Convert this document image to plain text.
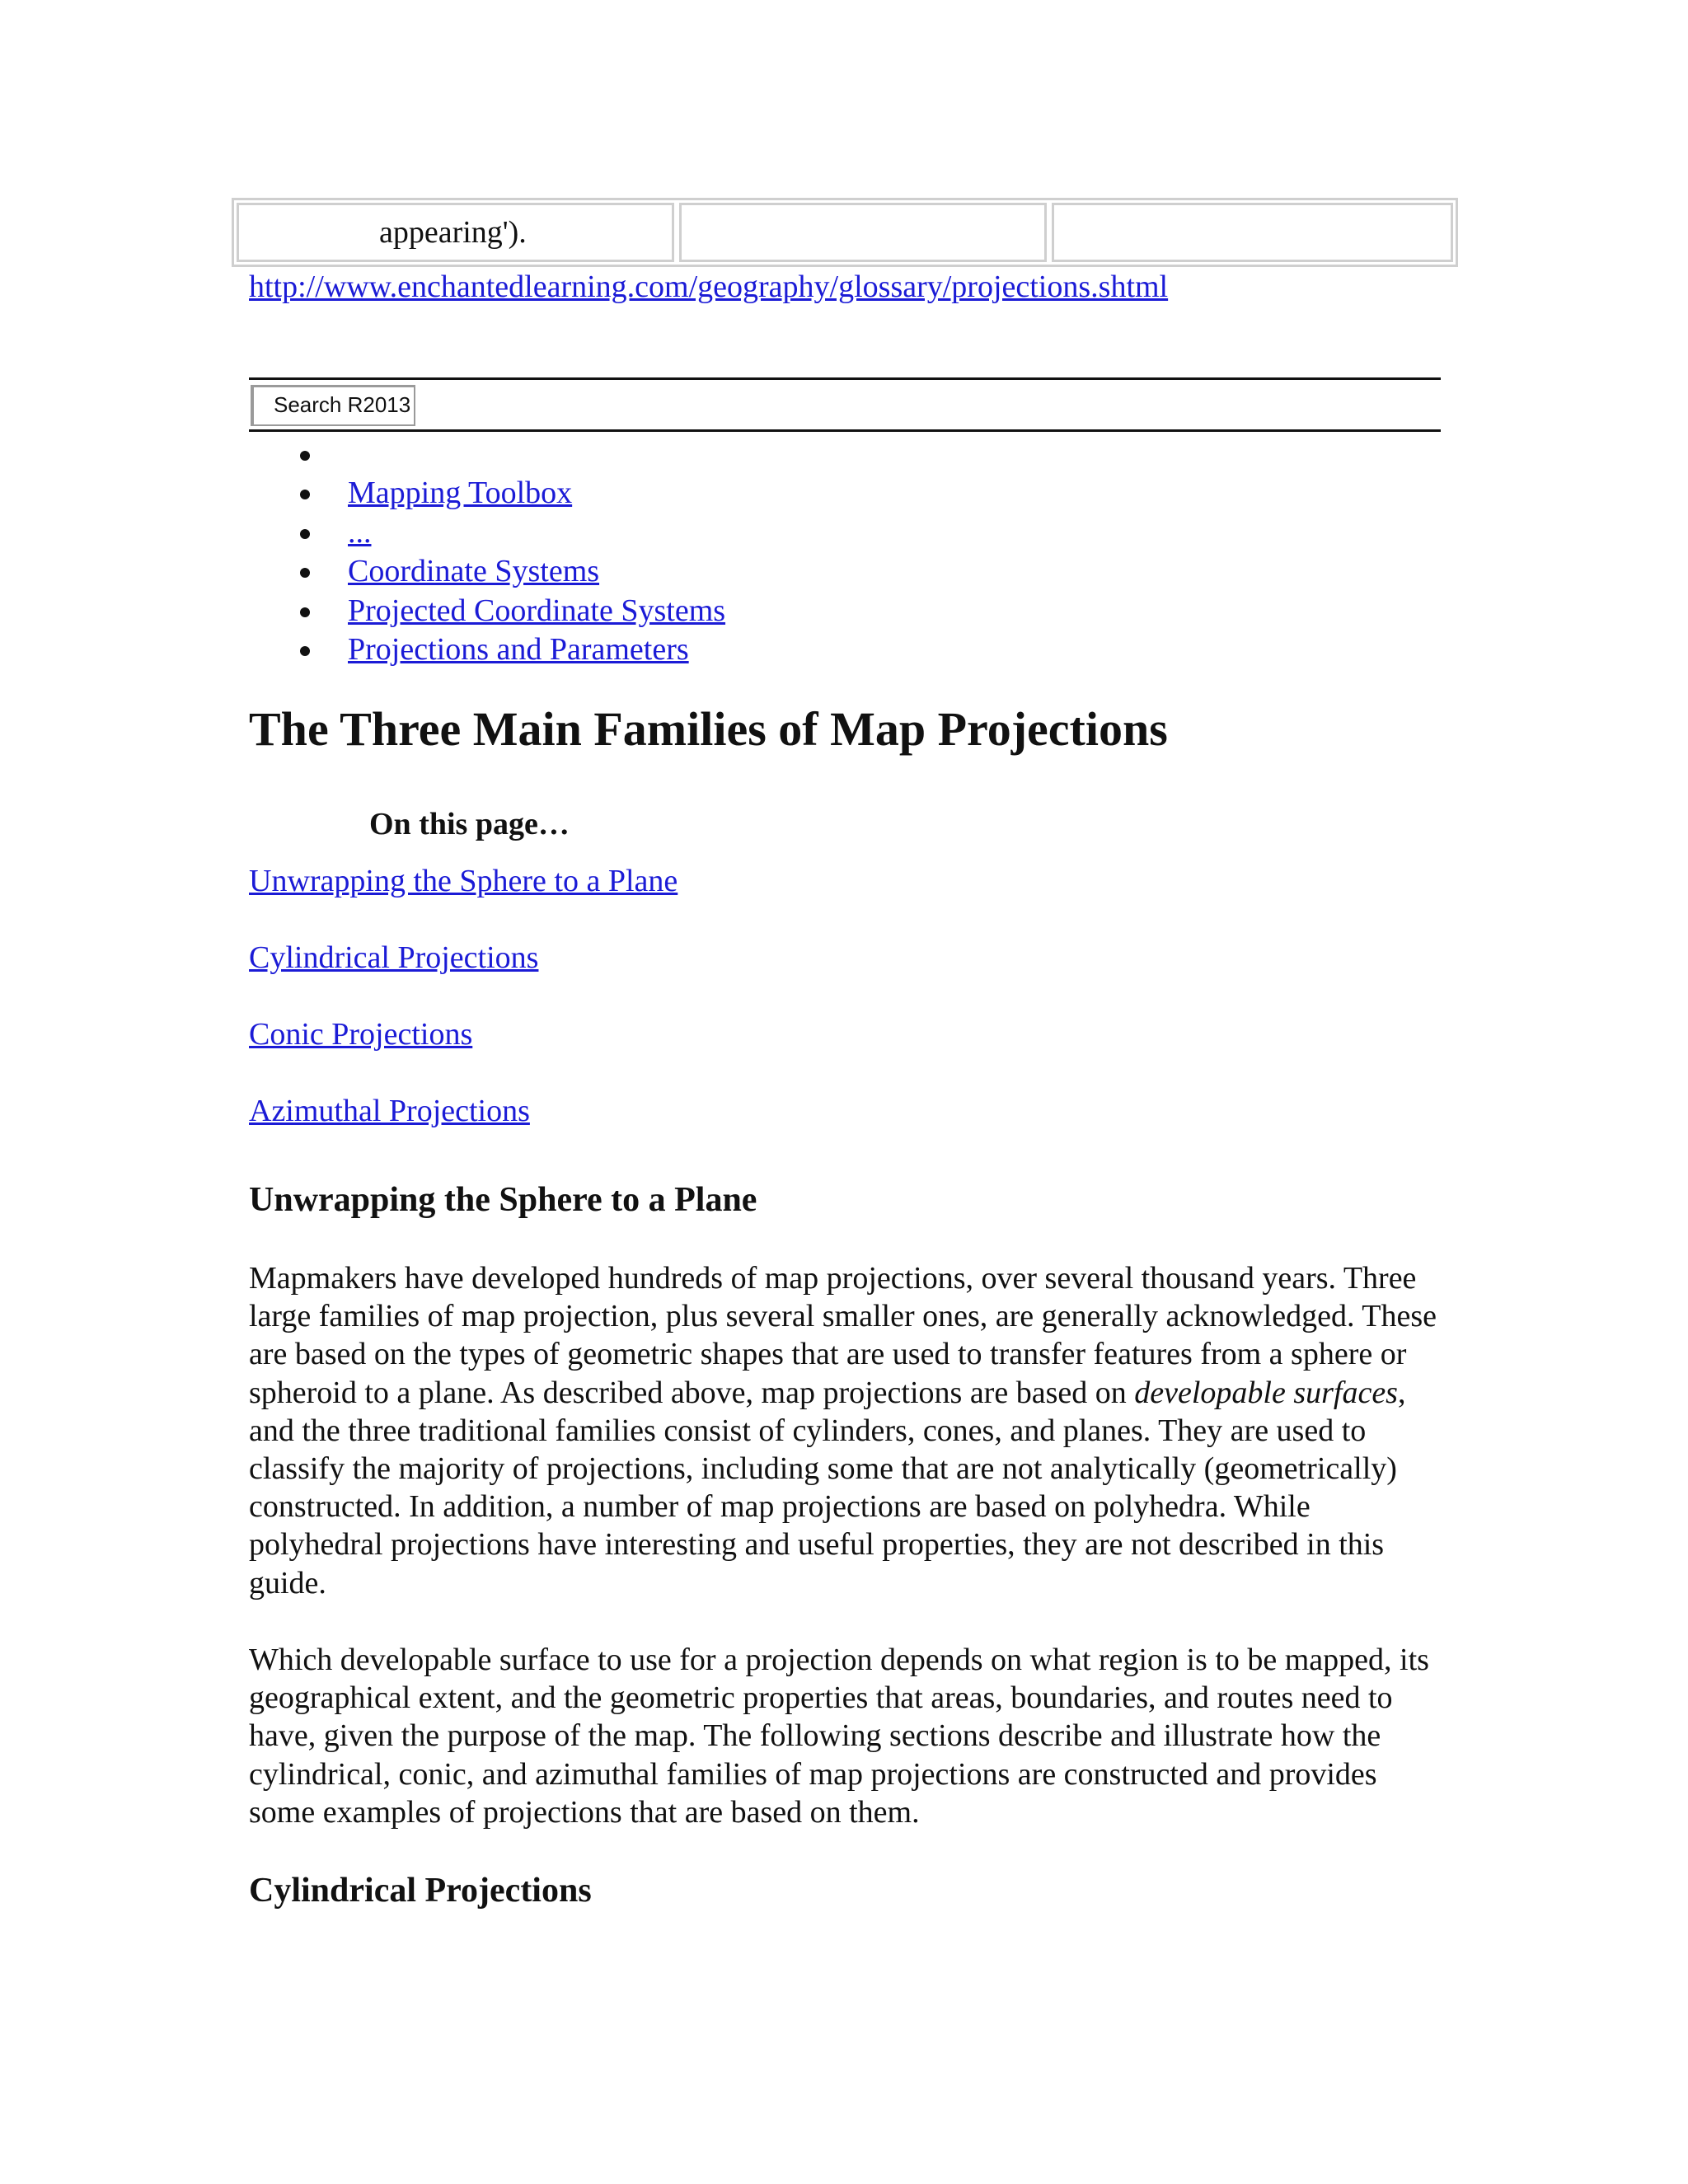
appearing').
http://www.enchantedlearning.com/geography/glossary/projections.shtml
Search R2013
Mapping Toolbox
...
Coordinate Systems
Projected Coordinate Systems
Projections and Parameters
The Three Main Families of Map Projections
On this page…
Unwrapping the Sphere to a Plane
Cylindrical Projections
Conic Projections
Azimuthal Projections
Unwrapping the Sphere to a Plane

Mapmakers have developed hundreds of map projections, over several thousand years. Three large families of map projection, plus several smaller ones, are generally acknowledged. These are based on the types of geometric shapes that are used to transfer features from a sphere or spheroid to a plane. As described above, map projections are based on developable surfaces, and the three traditional families consist of cylinders, cones, and planes. They are used to classify the majority of projections, including some that are not analytically (geometrically) constructed. In addition, a number of map projections are based on polyhedra. While polyhedral projections have interesting and useful properties, they are not described in this guide.

Which developable surface to use for a projection depends on what region is to be mapped, its geographical extent, and the geometric properties that areas, boundaries, and routes need to have, given the purpose of the map. The following sections describe and illustrate how the cylindrical, conic, and azimuthal families of map projections are constructed and provides some examples of projections that are based on them.

Cylindrical Projections
